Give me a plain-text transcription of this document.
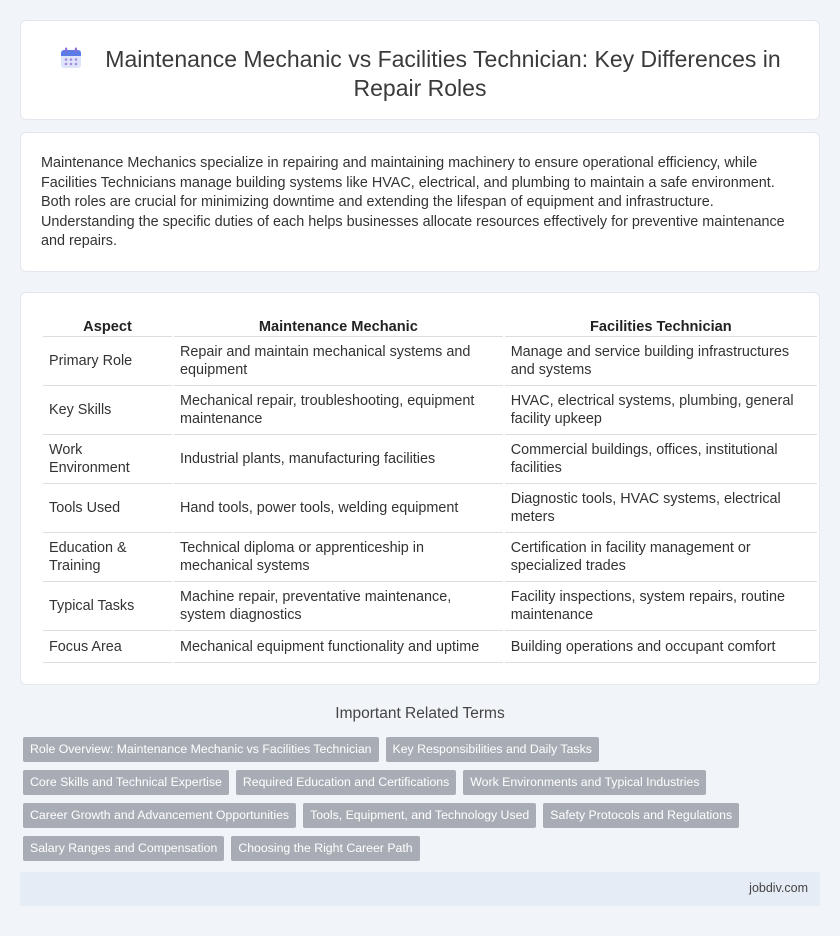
Maintenance Mechanic vs Facilities Technician: Key Differences in Repair Roles

Maintenance Mechanics specialize in repairing and maintaining machinery to ensure operational efficiency, while Facilities Technicians manage building systems like HVAC, electrical, and plumbing to maintain a safe environment. Both roles are crucial for minimizing downtime and extending the lifespan of equipment and infrastructure. Understanding the specific duties of each helps businesses allocate resources effectively for preventive maintenance and repairs.

Aspect	Maintenance Mechanic	Facilities Technician
Primary Role	Repair and maintain mechanical systems and equipment	Manage and service building infrastructures and systems
Key Skills	Mechanical repair, troubleshooting, equipment maintenance	HVAC, electrical systems, plumbing, general facility upkeep
Work Environment	Industrial plants, manufacturing facilities	Commercial buildings, offices, institutional facilities
Tools Used	Hand tools, power tools, welding equipment	Diagnostic tools, HVAC systems, electrical meters
Education & Training	Technical diploma or apprenticeship in mechanical systems	Certification in facility management or specialized trades
Typical Tasks	Machine repair, preventative maintenance, system diagnostics	Facility inspections, system repairs, routine maintenance
Focus Area	Mechanical equipment functionality and uptime	Building operations and occupant comfort
Important Related Terms
Role Overview: Maintenance Mechanic vs Facilities Technician	Key Responsibilities and Daily Tasks
Core Skills and Technical Expertise	Required Education and Certifications	Work Environments and Typical Industries
Career Growth and Advancement Opportunities	Tools, Equipment, and Technology Used	Safety Protocols and Regulations
Salary Ranges and Compensation	Choosing the Right Career Path
jobdiv.com
